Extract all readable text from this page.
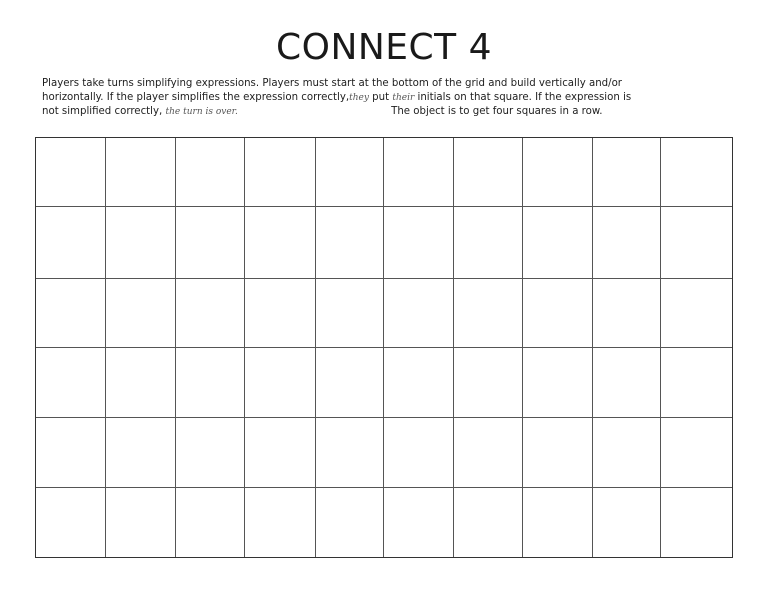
CONNECT 4
Players take turns simplifying expressions. Players must start at the bottom of the grid and build vertically and/or
horizontally. If the player simplifies the expression correctly,they put their initials on that square. If the expression is
not simplified correctly, the turn is over.	The object is to get four squares in a row.
